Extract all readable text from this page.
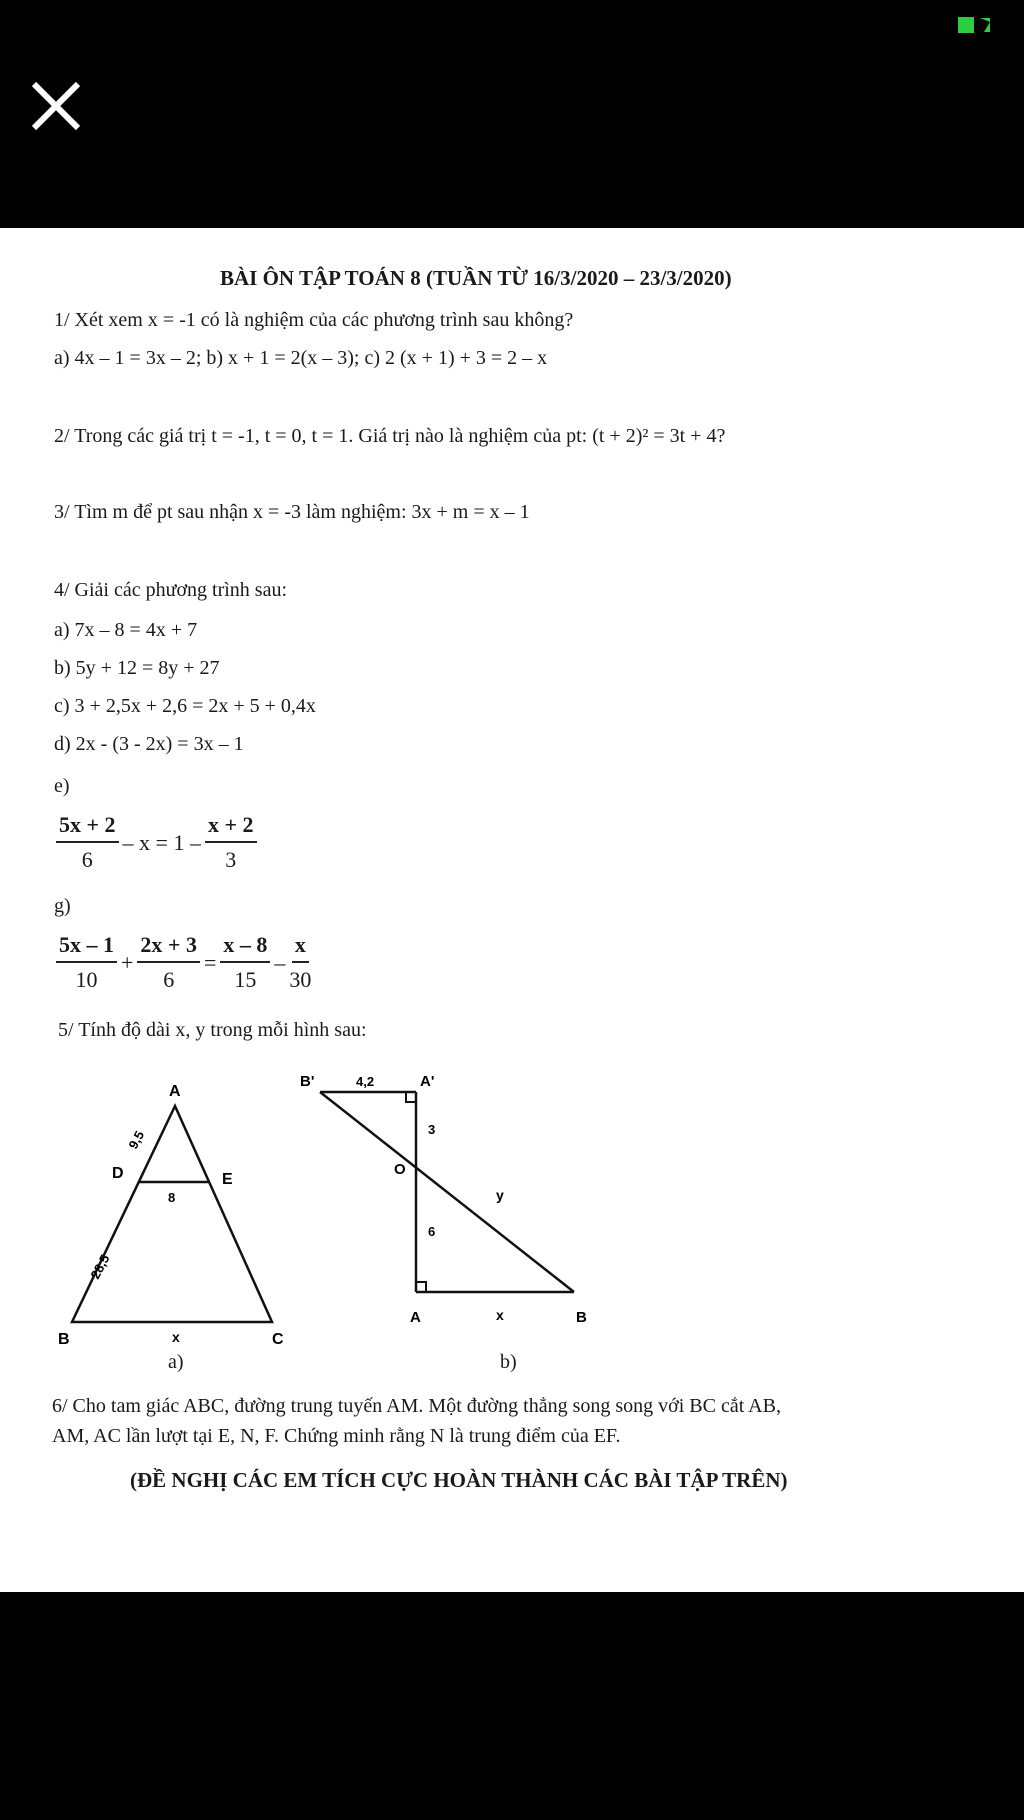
BÀI ÔN TẬP TOÁN 8 (TUẦN TỪ 16/3/2020 – 23/3/2020)
1/ Xét xem x = -1 có là nghiệm của các phương trình sau không?
a) 4x – 1 = 3x – 2; b) x + 1 = 2(x – 3); c) 2 (x + 1) + 3 = 2 – x
2/ Trong các giá trị t = -1, t = 0, t = 1. Giá trị nào là nghiệm của pt: (t + 2)² = 3t + 4?
3/ Tìm m để pt sau nhận x = -3 làm nghiệm: 3x + m = x – 1
4/ Giải các phương trình sau:
a) 7x – 8 = 4x + 7
b) 5y + 12 = 8y + 27
c) 3 + 2,5x + 2,6 = 2x + 5 + 0,4x
d) 2x - (3 - 2x) = 3x – 1
e)
$\frac{5x + 2}{6} - x = 1 - \frac{x + 2}{3}$
g)
$\frac{5x - 1}{10} + \frac{2x + 3}{6} = \frac{x - 8}{15} - \frac{x}{30}$
5/ Tính độ dài x, y trong mỗi hình sau:
A
D	E
B	C
9,5
8
28,5
x
B'	A'
O
A	B
4,2
3
6
y
x
a)	b)
6/ Cho tam giác ABC, đường trung tuyến AM. Một đường thẳng song song với BC cắt AB,
AM, AC lần lượt tại E, N, F. Chứng minh rằng N là trung điểm của EF.
(ĐỀ NGHỊ CÁC EM TÍCH CỰC HOÀN THÀNH CÁC BÀI TẬP TRÊN)
